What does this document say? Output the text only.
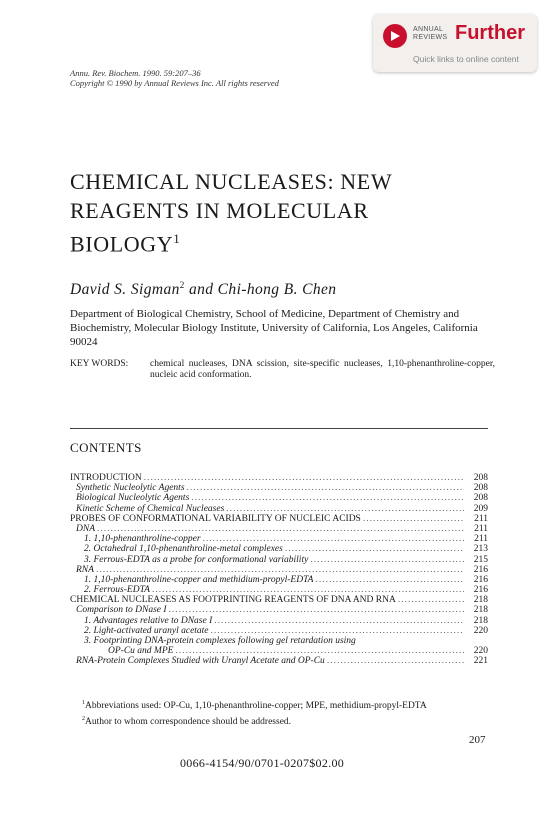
ANNUAL
REVIEWS Further
Quick links to online content
Annu. Rev. Biochem. 1990. 59:207–36
Copyright © 1990 by Annual Reviews Inc. All rights reserved
CHEMICAL NUCLEASES: NEW
REAGENTS IN MOLECULAR
BIOLOGY$^1$
David S. Sigman$^2$ and Chi-hong B. Chen
Department of Biological Chemistry, School of Medicine, Department of Chemistry and Biochemistry, Molecular Biology Institute, University of California, Los Angeles, California 90024
KEY WORDS: chemical nucleases, DNA scission, site-specific nucleases, 1,10-phenanthroline-copper, nucleic acid conformation.
CONTENTS
INTRODUCTION .....	208
Synthetic Nucleolytic Agents .....	208
Biological Nucleolytic Agents .....	208
Kinetic Scheme of Chemical Nucleases .....	209
PROBES OF CONFORMATIONAL VARIABILITY OF NUCLEIC ACIDS .....	211
DNA .....	211
1. 1,10-phenanthroline-copper .....	211
2. Octahedral 1,10-phenanthroline-metal complexes .....	213
3. Ferrous-EDTA as a probe for conformational variability .....	215
RNA .....	216
1. 1,10-phenanthroline-copper and methidium-propyl-EDTA .....	216
2. Ferrous-EDTA .....	216
CHEMICAL NUCLEASES AS FOOTPRINTING REAGENTS OF DNA AND RNA .....	218
Comparison to DNase I .....	218
1. Advantages relative to DNase I .....	218
2. Light-activated uranyl acetate .....	220
3. Footprinting DNA-protein complexes following gel retardation using
OP-Cu and MPE .....	220
RNA-Protein Complexes Studied with Uranyl Acetate and OP-Cu .....	221
$^1$Abbreviations used: OP-Cu, 1,10-phenanthroline-copper; MPE, methidium-propyl-EDTA
$^2$Author to whom correspondence should be addressed.
207
0066-4154/90/0701-0207$02.00
